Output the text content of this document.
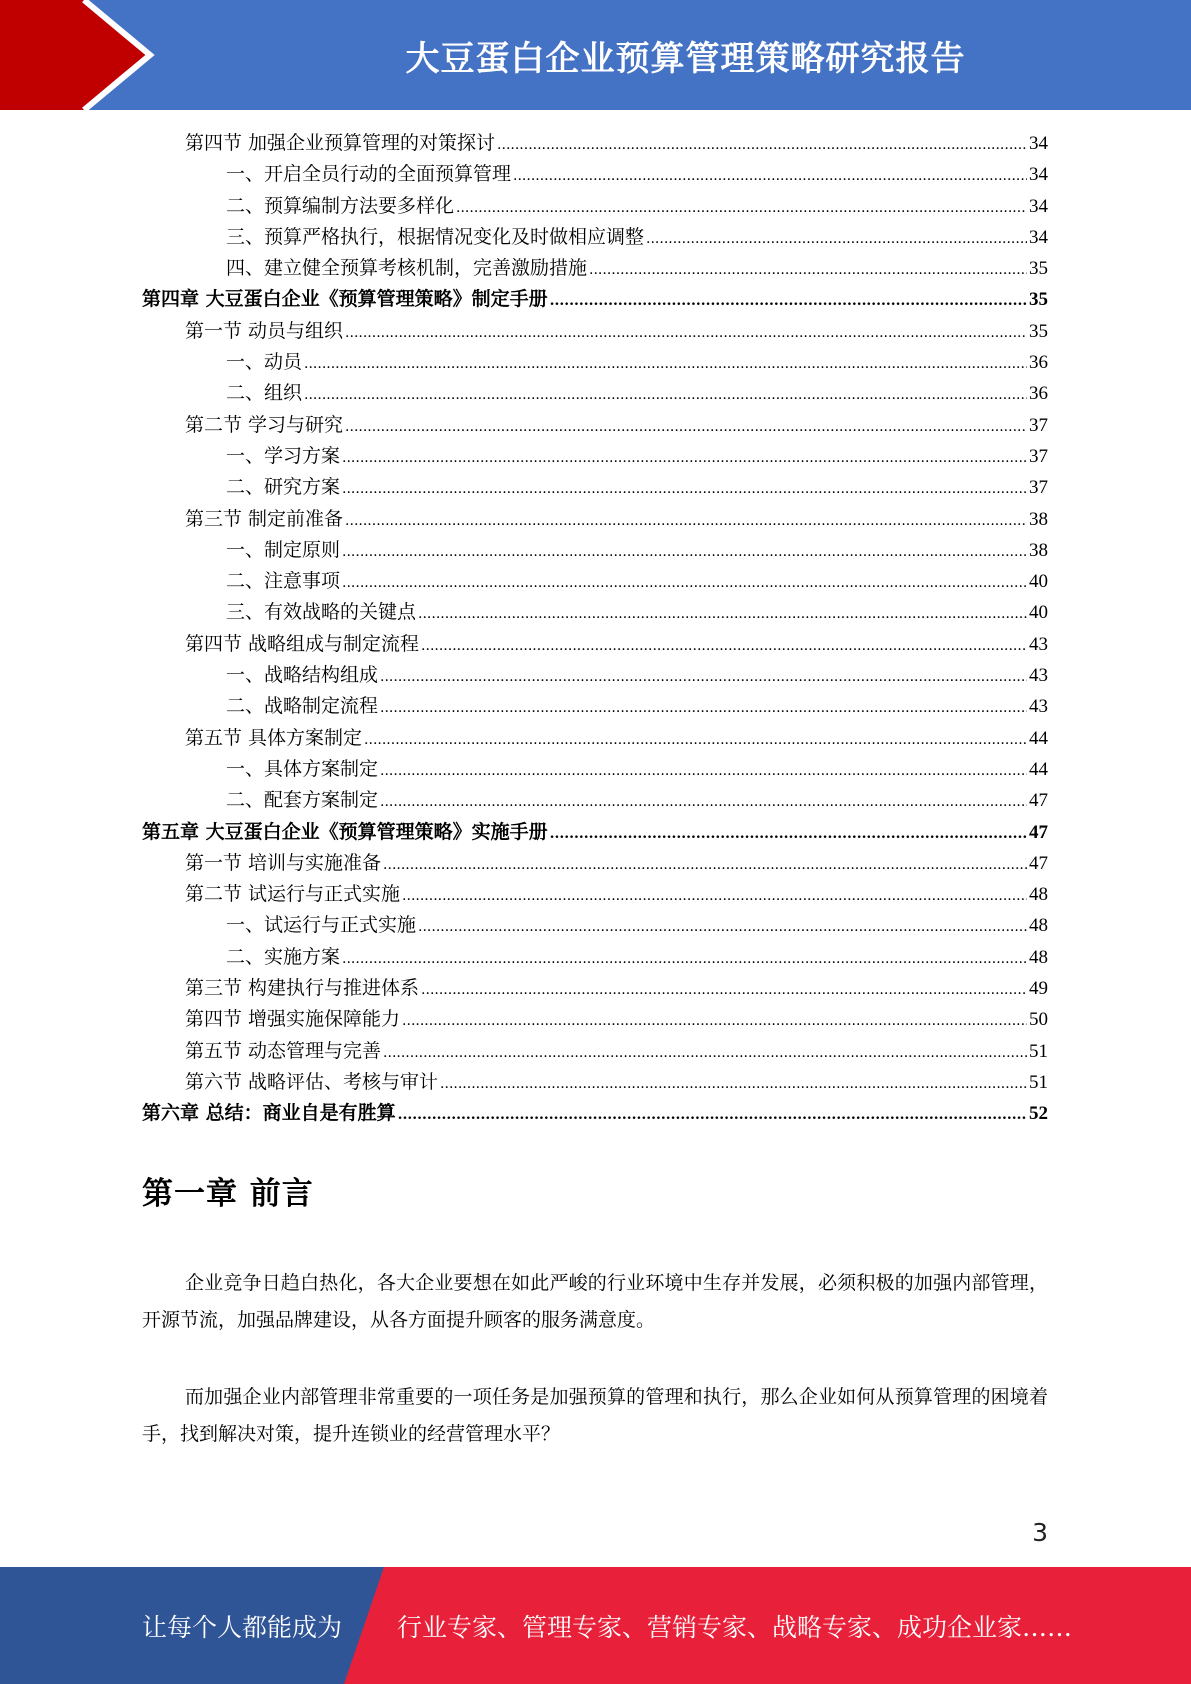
大豆蛋白企业预算管理策略研究报告
第四节 加强企业预算管理的对策探讨 .....	34
一、开启全员行动的全面预算管理 .....	34
二、预算编制方法要多样化 .....	34
三、预算严格执行，根据情况变化及时做相应调整 .....	34
四、建立健全预算考核机制，完善激励措施 .....	35
第四章 大豆蛋白企业《预算管理策略》制定手册 .....	35
第一节 动员与组织 .....	35
一、动员 .....	36
二、组织 .....	36
第二节 学习与研究 .....	37
一、学习方案 .....	37
二、研究方案 .....	37
第三节 制定前准备 .....	38
一、制定原则 .....	38
二、注意事项 .....	40
三、有效战略的关键点 .....	40
第四节 战略组成与制定流程 .....	43
一、战略结构组成 .....	43
二、战略制定流程 .....	43
第五节 具体方案制定 .....	44
一、具体方案制定 .....	44
二、配套方案制定 .....	47
第五章 大豆蛋白企业《预算管理策略》实施手册 .....	47
第一节 培训与实施准备 .....	47
第二节 试运行与正式实施 .....	48
一、试运行与正式实施 .....	48
二、实施方案 .....	48
第三节 构建执行与推进体系 .....	49
第四节 增强实施保障能力 .....	50
第五节 动态管理与完善 .....	51
第六节 战略评估、考核与审计 .....	51
第六章 总结：商业自是有胜算 .....	52
第一章 前言

企业竞争日趋白热化，各大企业要想在如此严峻的行业环境中生存并发展，必须积极的加强内部管理，开源节流，加强品牌建设，从各方面提升顾客的服务满意度。

而加强企业内部管理非常重要的一项任务是加强预算的管理和执行，那么企业如何从预算管理的困境着手，找到解决对策，提升连锁业的经营管理水平？

3
让每个人都能成为 行业专家、管理专家、营销专家、战略专家、成功企业家……
